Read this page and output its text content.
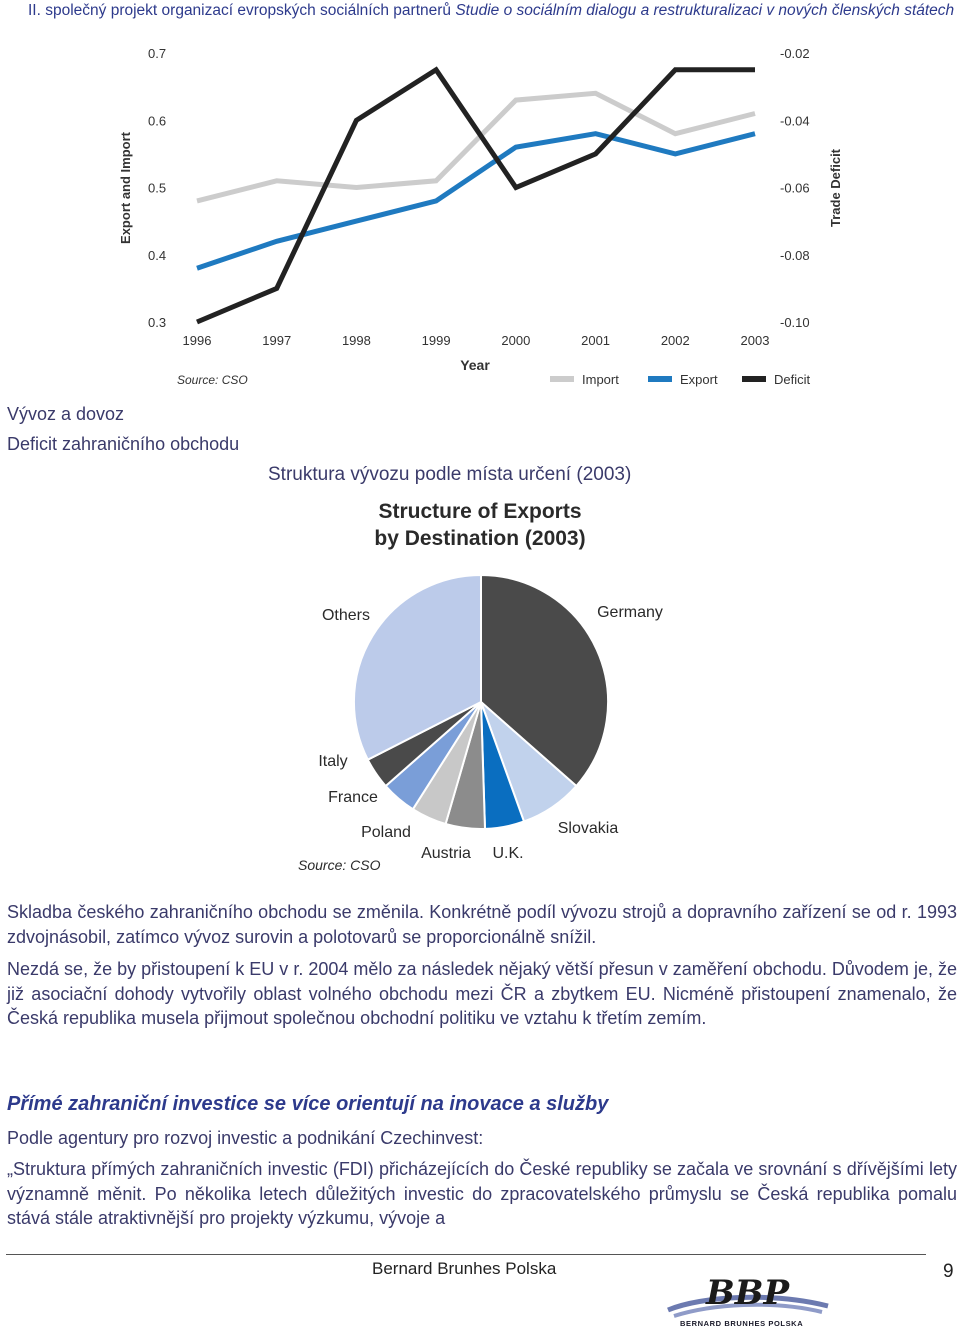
II. společný projekt organizací evropských sociálních partnerů Studie o sociálním dialogu a restrukturalizaci v nových členských státech
0.7
0.6
0.5
0.4
0.3
-0.02
-0.04
-0.06
-0.08
-0.10
1996	1997	1998	1999	2000	2001	2002	2003
Export and Import	Trade Deficit
Year
Source: CSO	Import	Export	Deficit
Vývoz a dovoz
Deficit zahraničního obchodu
Struktura vývozu podle místa určení (2003)
Structure of Exports
by Destination (2003)
Germany
Slovakia
U.K.
Austria
Poland
France
Italy
Others
Source: CSO

Skladba českého zahraničního obchodu se změnila. Konkrétně podíl vývozu strojů a dopravního zařízení se od r. 1993 zdvojnásobil, zatímco vývoz surovin a polotovarů se proporcionálně snížil.

Nezdá se, že by přistoupení k EU v r. 2004 mělo za následek nějaký větší přesun v zaměření obchodu. Důvodem je, že již asociační dohody vytvořily oblast volného obchodu mezi ČR a zbytkem EU. Nicméně přistoupení znamenalo, že Česká republika musela přijmout společnou obchodní politiku ve vztahu k třetím zemím.

Přímé zahraniční investice se více orientují na inovace a služby

Podle agentury pro rozvoj investic a podnikání Czechinvest:

„Struktura přímých zahraničních investic (FDI) přicházejících do České republiky se začala ve srovnání s dřívějšími lety významně měnit. Po několika letech důležitých investic do zpracovatelského průmyslu se Česká republika pomalu stává stále atraktivnější pro projekty výzkumu, vývoje a

Bernard Brunhes Polska	9
BBP
BERNARD BRUNHES POLSKA
